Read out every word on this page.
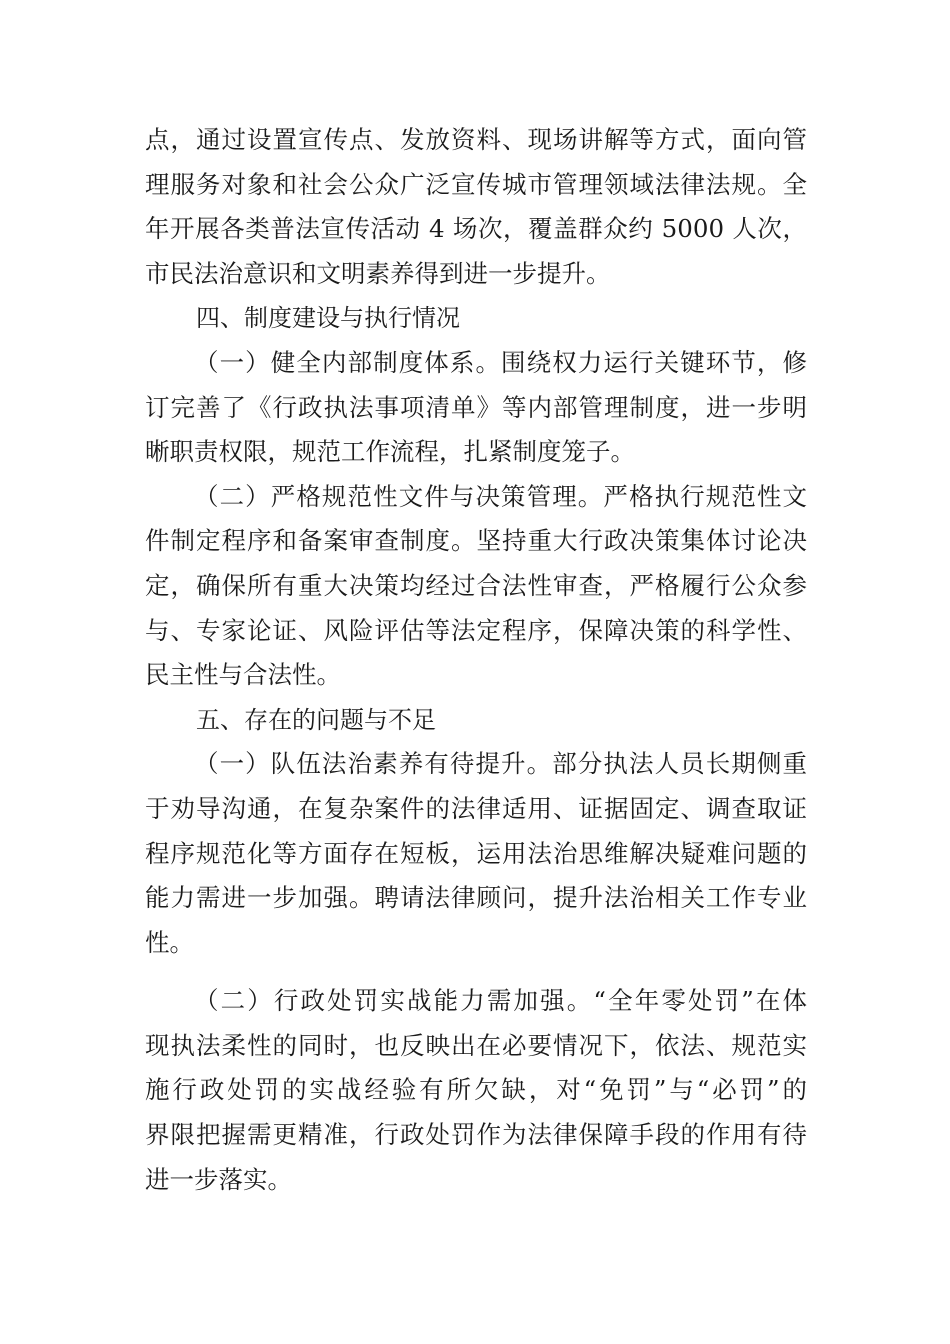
点，通过设置宣传点、发放资料、现场讲解等方式，面向管
理服务对象和社会公众广泛宣传城市管理领域法律法规。全
年开展各类普法宣传活动 4 场次，覆盖群众约 5000 人次，
市民法治意识和文明素养得到进一步提升。
四、制度建设与执行情况
（一）健全内部制度体系。围绕权力运行关键环节，修
订完善了《行政执法事项清单》等内部管理制度，进一步明
晰职责权限，规范工作流程，扎紧制度笼子。
（二）严格规范性文件与决策管理。严格执行规范性文
件制定程序和备案审查制度。坚持重大行政决策集体讨论决
定，确保所有重大决策均经过合法性审查，严格履行公众参
与、专家论证、风险评估等法定程序，保障决策的科学性、
民主性与合法性。
五、存在的问题与不足
（一）队伍法治素养有待提升。部分执法人员长期侧重
于劝导沟通，在复杂案件的法律适用、证据固定、调查取证
程序规范化等方面存在短板，运用法治思维解决疑难问题的
能力需进一步加强。聘请法律顾问，提升法治相关工作专业
性。
（二）行政处罚实战能力需加强。“全年零处罚”在体
现执法柔性的同时，也反映出在必要情况下，依法、规范实
施行政处罚的实战经验有所欠缺，对“免罚”与“必罚”的
界限把握需更精准，行政处罚作为法律保障手段的作用有待
进一步落实。
